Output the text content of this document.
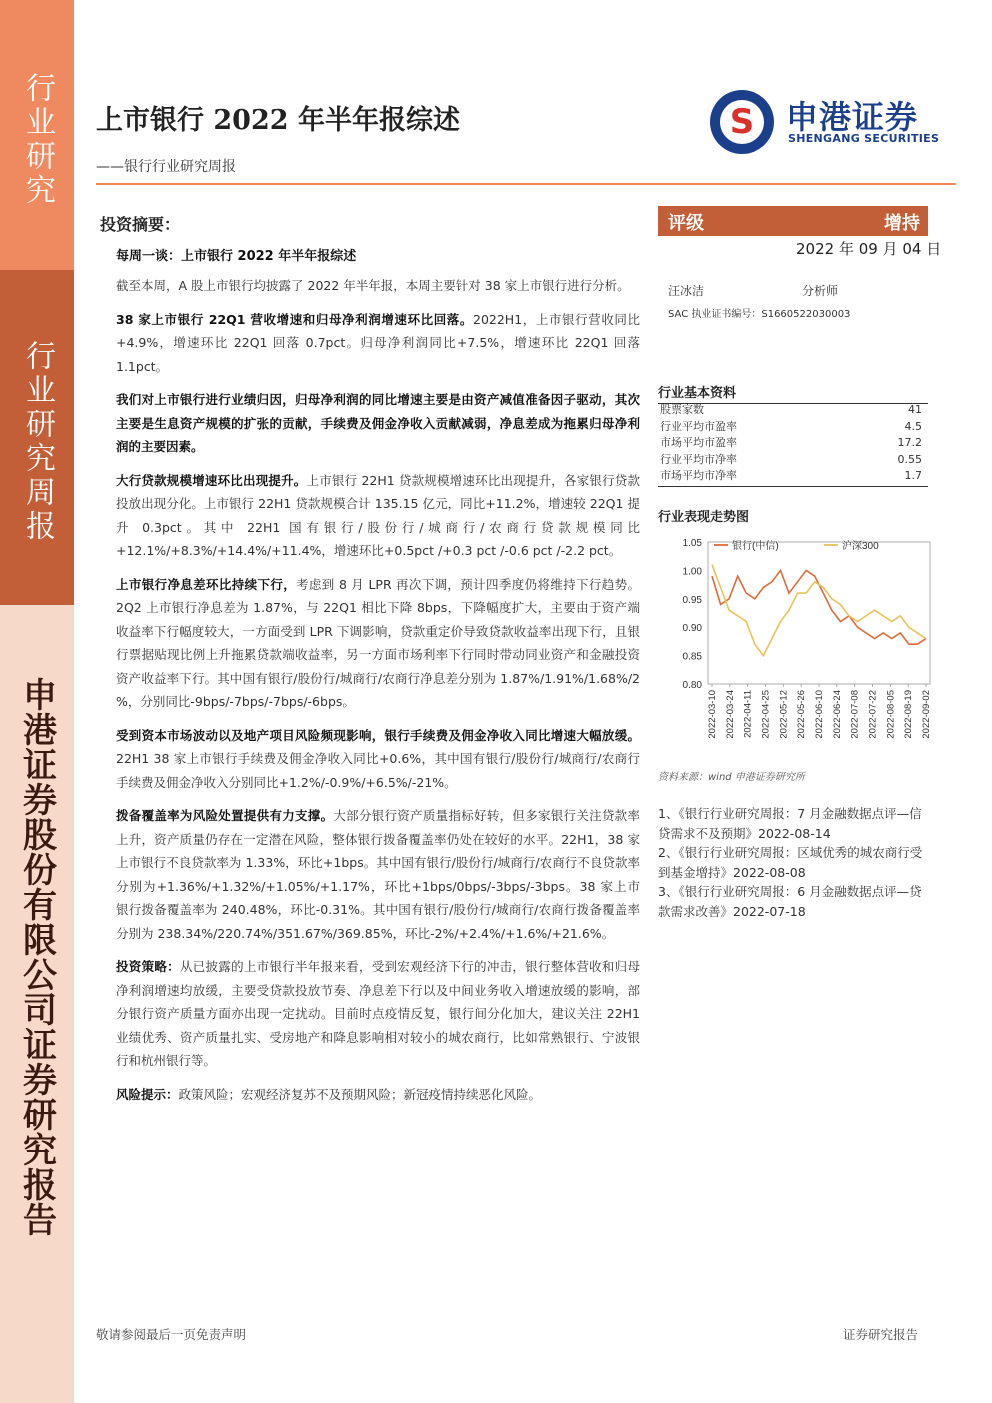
行业研究
行业研究周报
申港证券股份有限公司证券研究报告
上市银行 2022 年半年报综述
——银行行业研究周报
S 申港证券
SHENGANG SECURITIES
投资摘要：
每周一谈：上市银行 2022 年半年报综述
截至本周，A 股上市银行均披露了 2022 年半年报，本周主要针对 38 家上市银行进行分析。
38 家上市银行 22Q1 营收增速和归母净利润增速环比回落。2022H1，上市银行营收同比+4.9%，增速环比 22Q1 回落 0.7pct。归母净利润同比+7.5%，增速环比 22Q1 回落 1.1pct。
我们对上市银行进行业绩归因，归母净利润的同比增速主要是由资产减值准备因子驱动，其次主要是生息资产规模的扩张的贡献，手续费及佣金净收入贡献减弱，净息差成为拖累归母净利润的主要因素。
大行贷款规模增速环比出现提升。上市银行 22H1 贷款规模增速环比出现提升，各家银行贷款投放出现分化。上市银行 22H1 贷款规模合计 135.15 亿元，同比+11.2%，增速较 22Q1 提升 0.3pct。其中 22H1 国有银行/股份行/城商行/农商行贷款规模同比+12.1%/+8.3%/+14.4%/+11.4%，增速环比+0.5pct /+0.3 pct /-0.6 pct /-2.2 pct。
上市银行净息差环比持续下行，考虑到 8 月 LPR 再次下调，预计四季度仍将维持下行趋势。2Q2 上市银行净息差为 1.87%，与 22Q1 相比下降 8bps，下降幅度扩大，主要由于资产端收益率下行幅度较大，一方面受到 LPR 下调影响，贷款重定价导致贷款收益率出现下行，且银行票据贴现比例上升拖累贷款端收益率，另一方面市场利率下行同时带动同业资产和金融投资资产收益率下行。其中国有银行/股份行/城商行/农商行净息差分别为 1.87%/1.91%/1.68%/2 %，分别同比-9bps/-7bps/-7bps/-6bps。
受到资本市场波动以及地产项目风险频现影响，银行手续费及佣金净收入同比增速大幅放缓。22H1 38 家上市银行手续费及佣金净收入同比+0.6%，其中国有银行/股份行/城商行/农商行手续费及佣金净收入分别同比+1.2%/-0.9%/+6.5%/-21%。
拨备覆盖率为风险处置提供有力支撑。大部分银行资产质量指标好转，但多家银行关注贷款率上升，资产质量仍存在一定潜在风险，整体银行拨备覆盖率仍处在较好的水平。22H1，38 家上市银行不良贷款率为 1.33%，环比+1bps。其中国有银行/股份行/城商行/农商行不良贷款率分别为+1.36%/+1.32%/+1.05%/+1.17%，环比+1bps/0bps/-3bps/-3bps。38 家上市银行拨备覆盖率为 240.48%，环比-0.31%。其中国有银行/股份行/城商行/农商行拨备覆盖率分别为 238.34%/220.74%/351.67%/369.85%，环比-2%/+2.4%/+1.6%/+21.6%。
投资策略：从已披露的上市银行半年报来看，受到宏观经济下行的冲击，银行整体营收和归母净利润增速均放缓，主要受贷款投放节奏、净息差下行以及中间业务收入增速放缓的影响，部分银行资产质量方面亦出现一定扰动。目前时点疫情反复，银行间分化加大，建议关注 22H1 业绩优秀、资产质量扎实、受房地产和降息影响相对较小的城农商行，比如常熟银行、宁波银行和杭州银行等。
风险提示：政策风险；宏观经济复苏不及预期风险；新冠疫情持续恶化风险。
评级	增持
2022 年 09 月 04 日
汪冰洁	分析师
SAC 执业证书编号：S1660522030003
行业基本资料
股票家数	41
行业平均市盈率	4.5
市场平均市盈率	17.2
行业平均市净率	0.55
市场平均市净率	1.7
行业表现走势图
1.05
1.00
0.95
0.90
0.85
0.80
2022-03-10 2022-03-24 2022-04-11 2022-04-25 2022-05-12 2022-05-26 2022-06-10 2022-06-24 2022-07-08 2022-07-22 2022-08-05 2022-08-19 2022-09-02
银行(中信)	沪深300
资料来源：wind 申港证券研究所
1、《银行行业研究周报：7 月金融数据点评—信贷需求不及预期》2022-08-14
2、《银行行业研究周报：区域优秀的城农商行受到基金增持》2022-08-08
3、《银行行业研究周报：6 月金融数据点评—贷款需求改善》2022-07-18
敬请参阅最后一页免责声明	证券研究报告
